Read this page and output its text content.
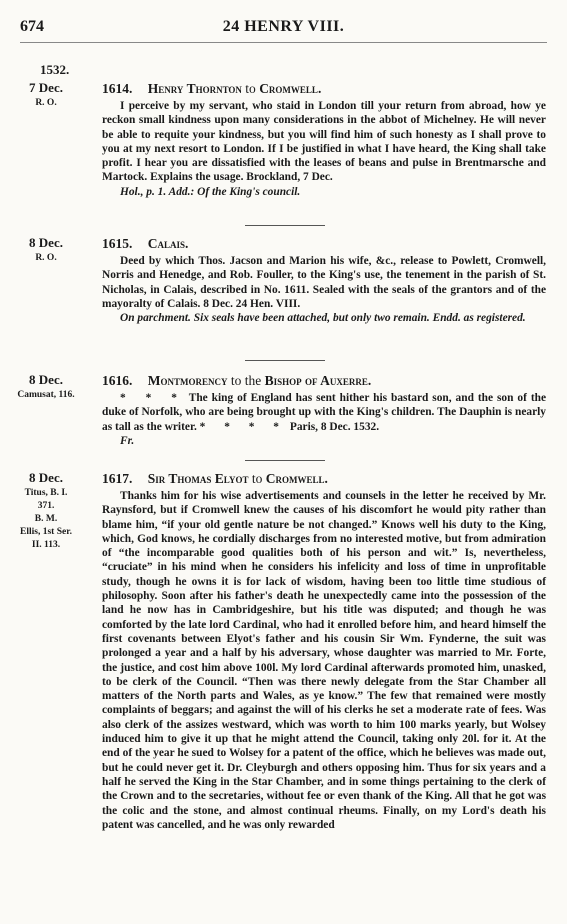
674	24 HENRY VIII.
1532.
7 Dec.
R. O.
1614. Henry Thornton to Cromwell.

I perceive by my servant, who staid in London till your return from abroad, how ye reckon small kindness upon many considerations in the abbot of Michelney. He will never be able to requite your kindness, but you will find him of such honesty as I shall prove to you at my next resort to London. If I be justified in what I have heard, the King shall take profit. I hear you are dissatisfied with the leases of beans and pulse in Brentmarsche and Martock. Explains the usage. Brockland, 7 Dec.

Hol., p. 1. Add.: Of the King's council.
8 Dec.
R. O.
1615. Calais.

Deed by which Thos. Jacson and Marion his wife, &c., release to Powlett, Cromwell, Norris and Henedge, and Rob. Fouller, to the King's use, the tenement in the parish of St. Nicholas, in Calais, described in No. 1611. Sealed with the seals of the grantors and of the mayoralty of Calais. 8 Dec. 24 Hen. VIII.

On parchment. Six seals have been attached, but only two remain. Endd. as registered.
8 Dec.
Camusat, 116.
1616. Montmorency to the Bishop of Auxerre.

* * * The king of England has sent hither his bastard son, and the son of the duke of Norfolk, who are being brought up with the King's children. The Dauphin is nearly as tall as the writer. * * * * Paris, 8 Dec. 1532.

Fr.
8 Dec.
Titus, B. I.
371.
B. M.
Ellis, 1st Ser.
II. 113.
1617. Sir Thomas Elyot to Cromwell.

Thanks him for his wise advertisements and counsels in the letter he received by Mr. Raynsford, but if Cromwell knew the causes of his discomfort he would pity rather than blame him, “if your old gentle nature be not changed.” Knows well his duty to the King, which, God knows, he cordially discharges from no interested motive, but from admiration of “the incomparable good qualities both of his person and wit.” Is, nevertheless, “cruciate” in his mind when he considers his infelicity and loss of time in unprofitable study, though he owns it is for lack of wisdom, having been too little time studious of philosophy. Soon after his father's death he unexpectedly came into the possession of the land he now has in Cambridgeshire, but his title was disputed; and though he was comforted by the late lord Cardinal, who had it enrolled before him, and heard himself the first covenants between Elyot's father and his cousin Sir Wm. Fynderne, the suit was prolonged a year and a half by his adversary, whose daughter was married to Mr. Forte, the justice, and cost him above 100l. My lord Cardinal afterwards promoted him, unasked, to be clerk of the Council. “Then was there newly delegate from the Star Chamber all matters of the North parts and Wales, as ye know.” The few that remained were mostly complaints of beggars; and against the will of his clerks he set a moderate rate of fees. Was also clerk of the assizes westward, which was worth to him 100 marks yearly, but Wolsey induced him to give it up that he might attend the Council, taking only 20l. for it. At the end of the year he sued to Wolsey for a patent of the office, which he believes was made out, but he could never get it. Dr. Cleyburgh and others opposing him. Thus for six years and a half he served the King in the Star Chamber, and in some things pertaining to the clerk of the Crown and to the secretaries, without fee or even thank of the King. All that he got was the colic and the stone, and almost continual rheums. Finally, on my Lord's death his patent was cancelled, and he was only rewarded
